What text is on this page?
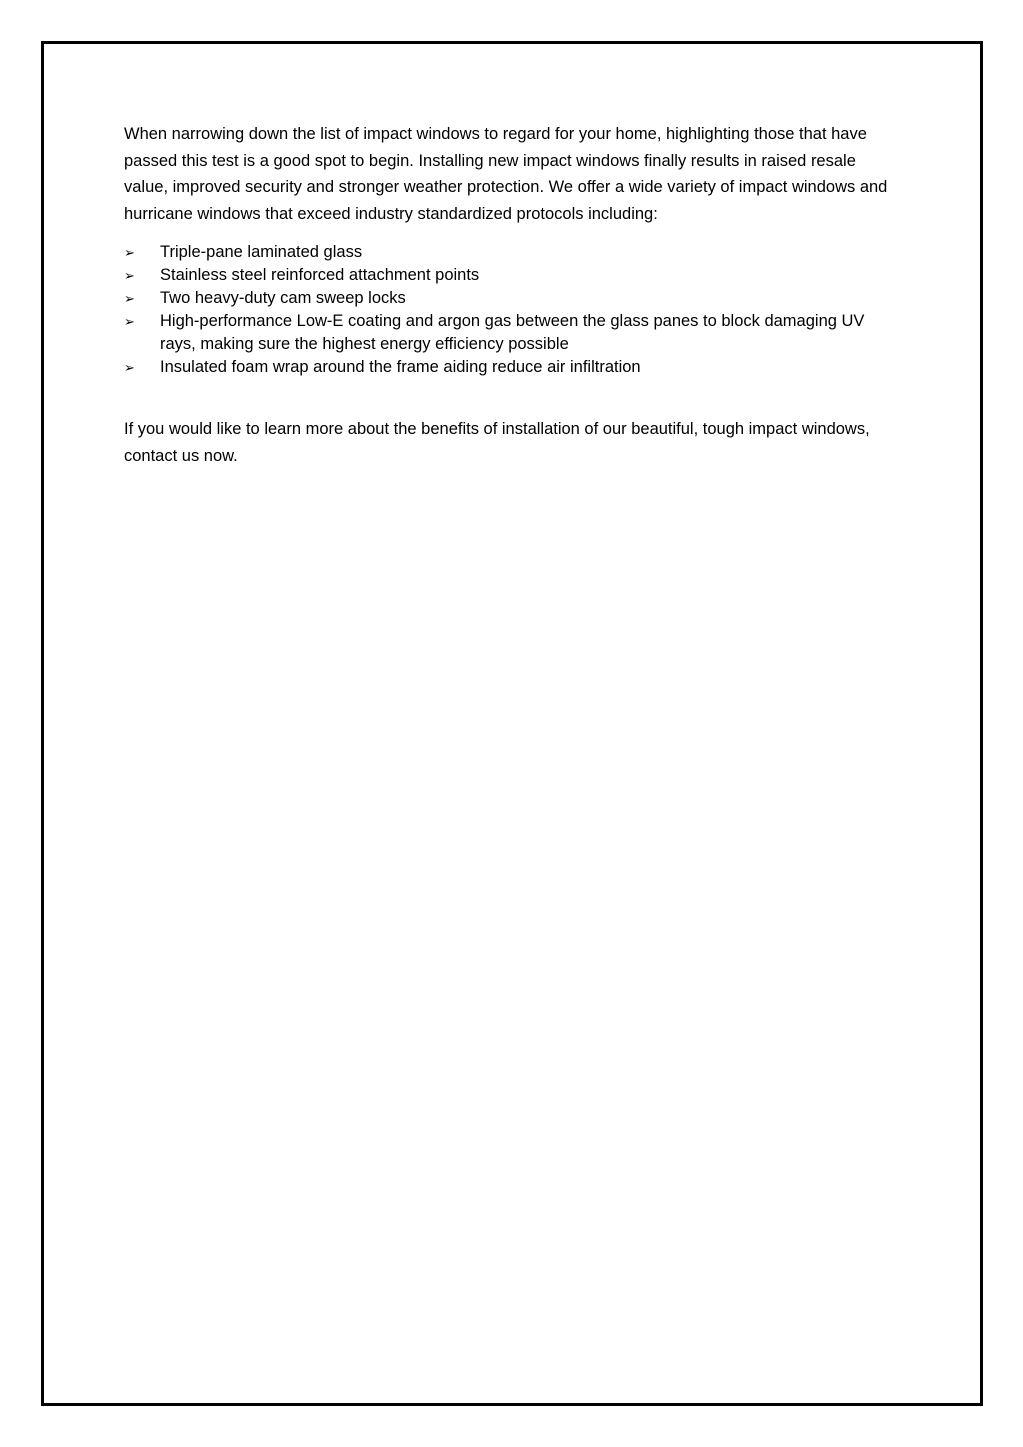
When narrowing down the list of impact windows to regard for your home, highlighting those that have passed this test is a good spot to begin. Installing new impact windows finally results in raised resale value, improved security and stronger weather protection. We offer a wide variety of impact windows and hurricane windows that exceed industry standardized protocols including:

➢ Triple-pane laminated glass
➢ Stainless steel reinforced attachment points
➢ Two heavy-duty cam sweep locks
➢ High-performance Low-E coating and argon gas between the glass panes to block damaging UV rays, making sure the highest energy efficiency possible
➢ Insulated foam wrap around the frame aiding reduce air infiltration

If you would like to learn more about the benefits of installation of our beautiful, tough impact windows, contact us now.
